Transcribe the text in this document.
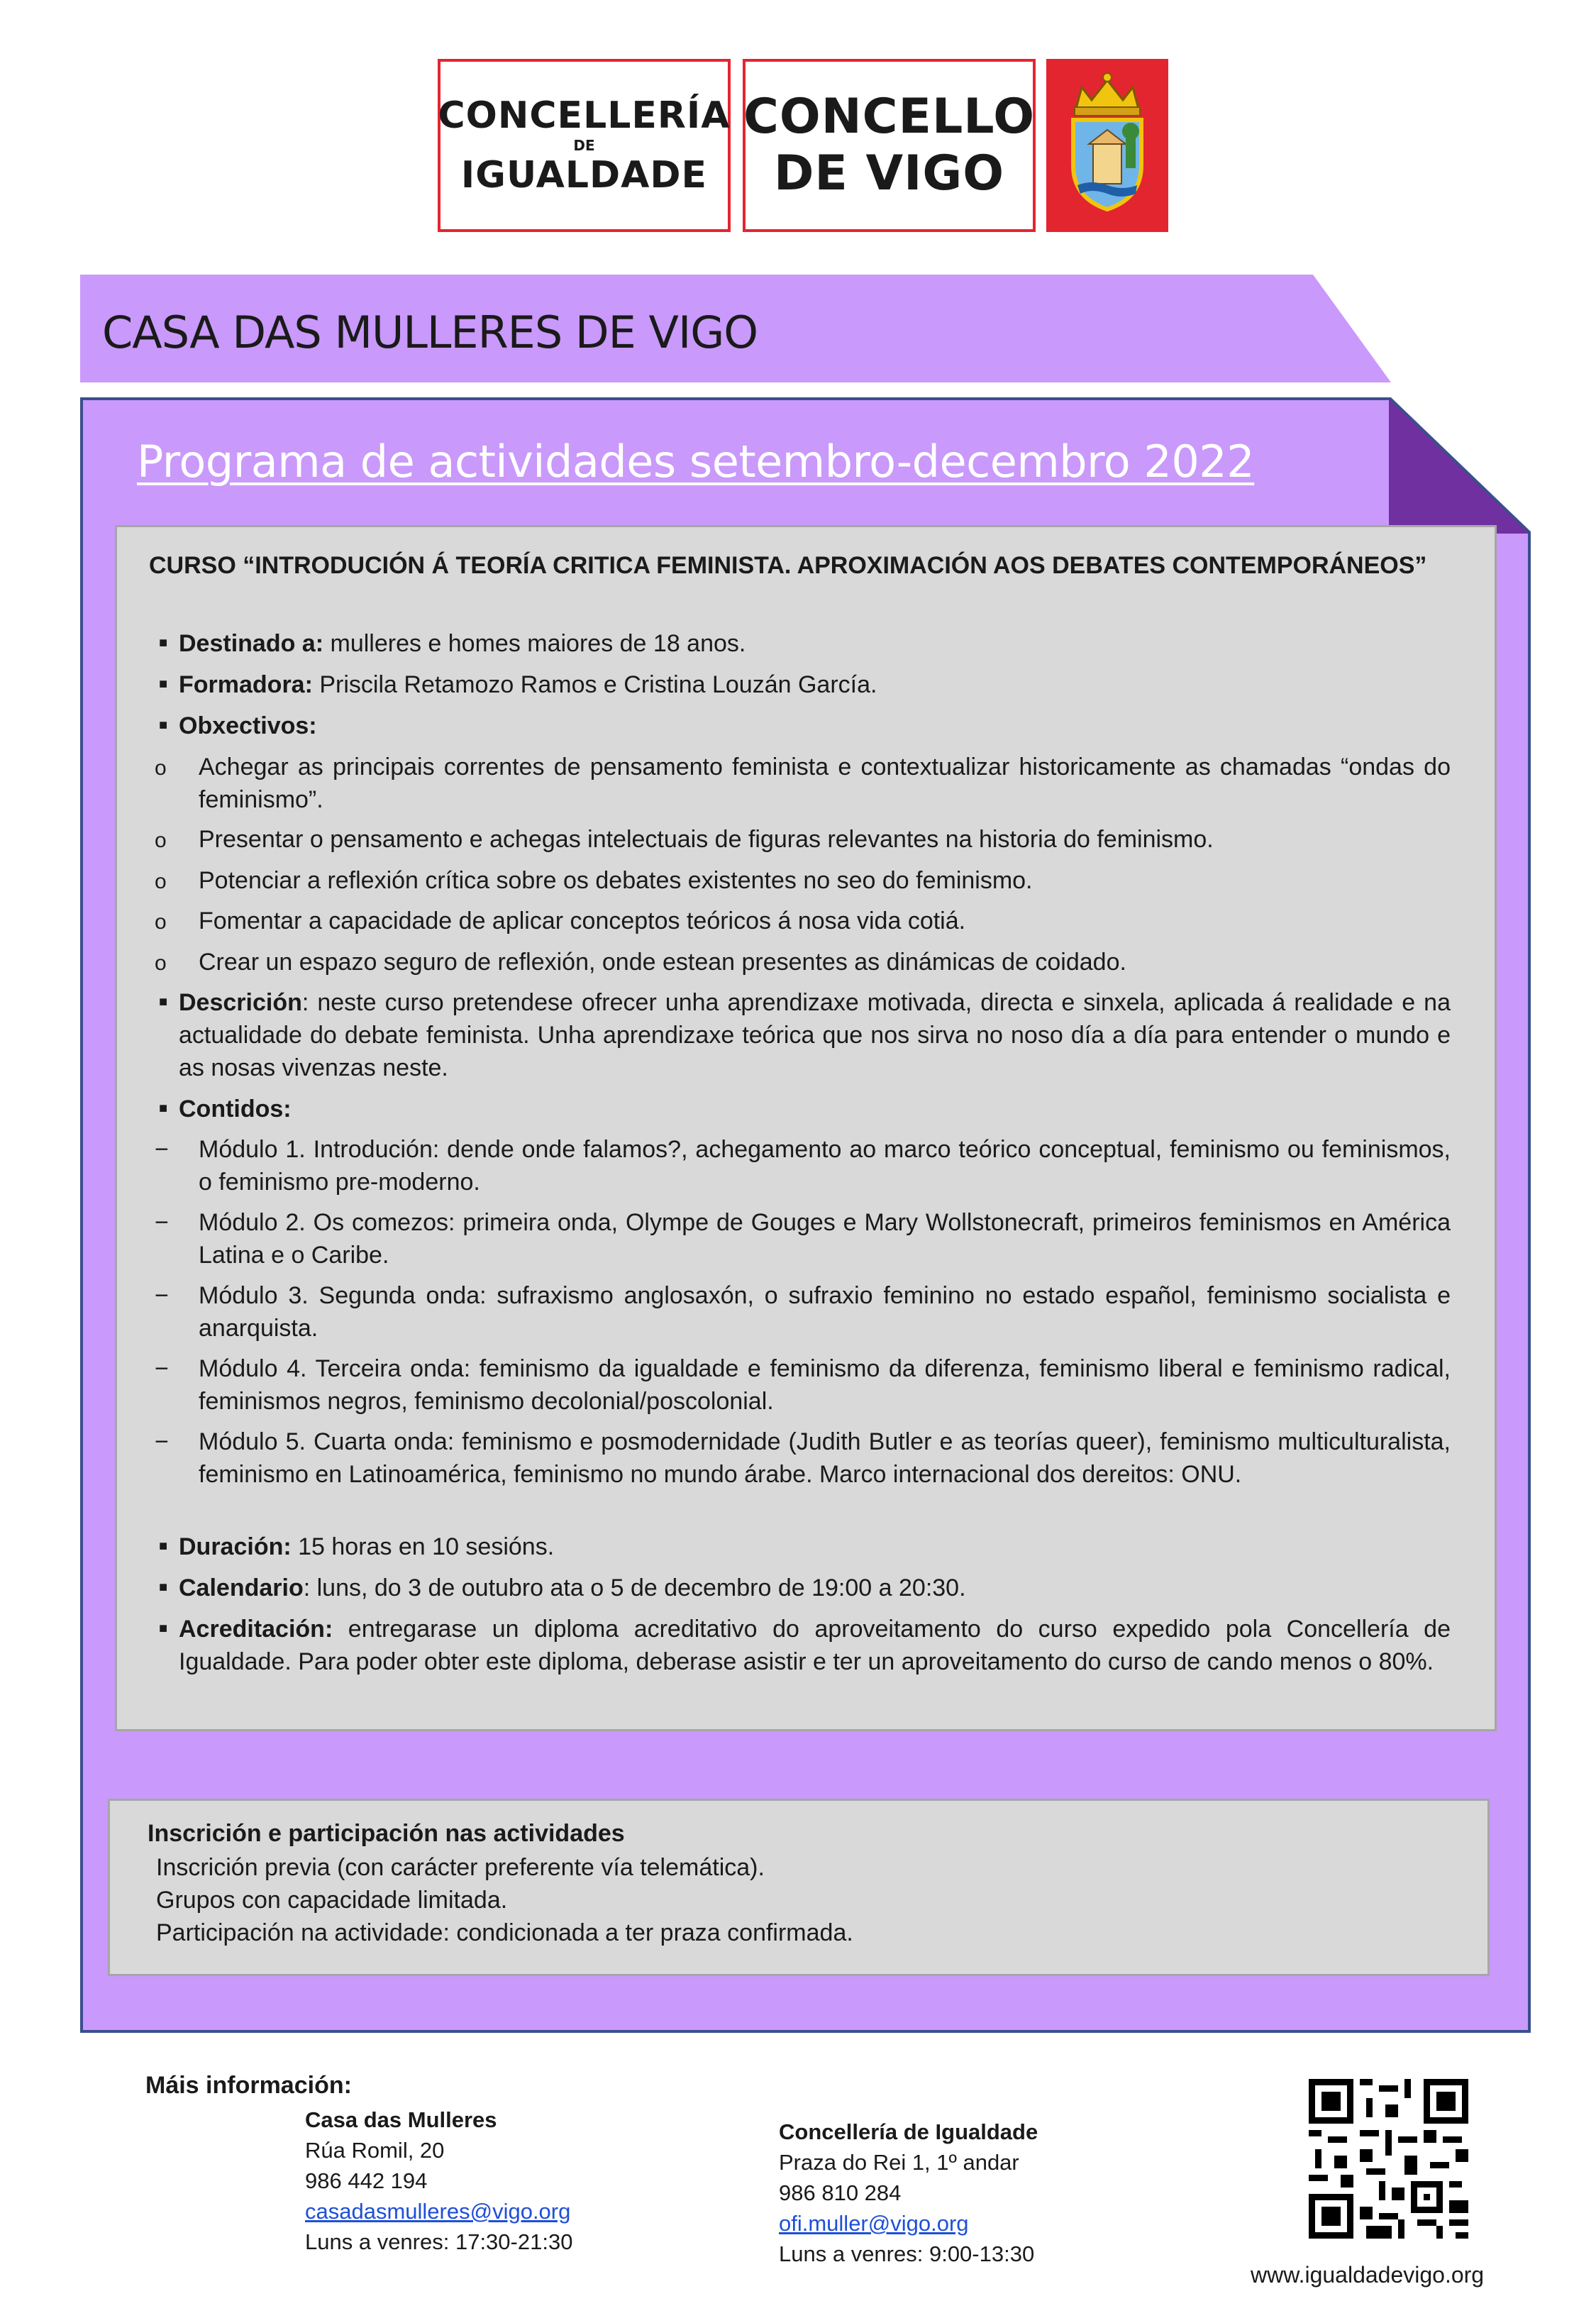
CONCELLERÍA
DE
IGUALDADE
CONCELLO
DE VIGO
CASA DAS MULLERES DE VIGO
Programa de actividades setembro-decembro 2022
CURSO “INTRODUCIÓN Á TEORÍA CRITICA FEMINISTA. APROXIMACIÓN AOS DEBATES CONTEMPORÁNEOS”
■ Destinado a: mulleres e homes maiores de 18 anos.
■ Formadora: Priscila Retamozo Ramos e Cristina Louzán García.
■ Obxectivos:
o	Achegar as principais correntes de pensamento feminista e contextualizar historicamente as chamadas “ondas do feminismo”.
o	Presentar o pensamento e achegas intelectuais de figuras relevantes na historia do feminismo.
o	Potenciar a reflexión crítica sobre os debates existentes no seo do feminismo.
o	Fomentar a capacidade de aplicar conceptos teóricos á nosa vida cotiá.
o	Crear un espazo seguro de reflexión, onde estean presentes as dinámicas de coidado.
■ Descrición: neste curso pretendese ofrecer unha aprendizaxe motivada, directa e sinxela, aplicada á realidade e na actualidade do debate feminista. Unha aprendizaxe teórica que nos sirva no noso día a día para entender o mundo e as nosas vivenzas neste.
■ Contidos:
−	Módulo 1. Introdución: dende onde falamos?, achegamento ao marco teórico conceptual, feminismo ou feminismos, o feminismo pre-moderno.
−	Módulo 2. Os comezos: primeira onda, Olympe de Gouges e Mary Wollstonecraft, primeiros feminismos en América Latina e o Caribe.
−	Módulo 3. Segunda onda: sufraxismo anglosaxón, o sufraxio feminino no estado español, feminismo socialista e anarquista.
−	Módulo 4. Terceira onda: feminismo da igualdade e feminismo da diferenza, feminismo liberal e feminismo radical, feminismos negros, feminismo decolonial/poscolonial.
−	Módulo 5. Cuarta onda: feminismo e posmodernidade (Judith Butler e as teorías queer), feminismo multiculturalista, feminismo en Latinoamérica, feminismo no mundo árabe. Marco internacional dos dereitos: ONU.
■ Duración: 15 horas en 10 sesións.
■ Calendario: luns, do 3 de outubro ata o 5 de decembro de 19:00 a 20:30.
■ Acreditación: entregarase un diploma acreditativo do aproveitamento do curso expedido pola Concellería de Igualdade. Para poder obter este diploma, deberase asistir e ter un aproveitamento do curso de cando menos o 80%.
Inscrición e participación nas actividades
Inscrición previa (con carácter preferente vía telemática).
Grupos con capacidade limitada.
Participación na actividade: condicionada a ter praza confirmada.
Máis información:
Casa das Mulleres
Rúa Romil, 20
986 442 194
casadasmulleres@vigo.org
Luns a venres: 17:30-21:30
Concellería de Igualdade
Praza do Rei 1, 1º andar
986 810 284
ofi.muller@vigo.org
Luns a venres: 9:00-13:30
www.igualdadevigo.org
